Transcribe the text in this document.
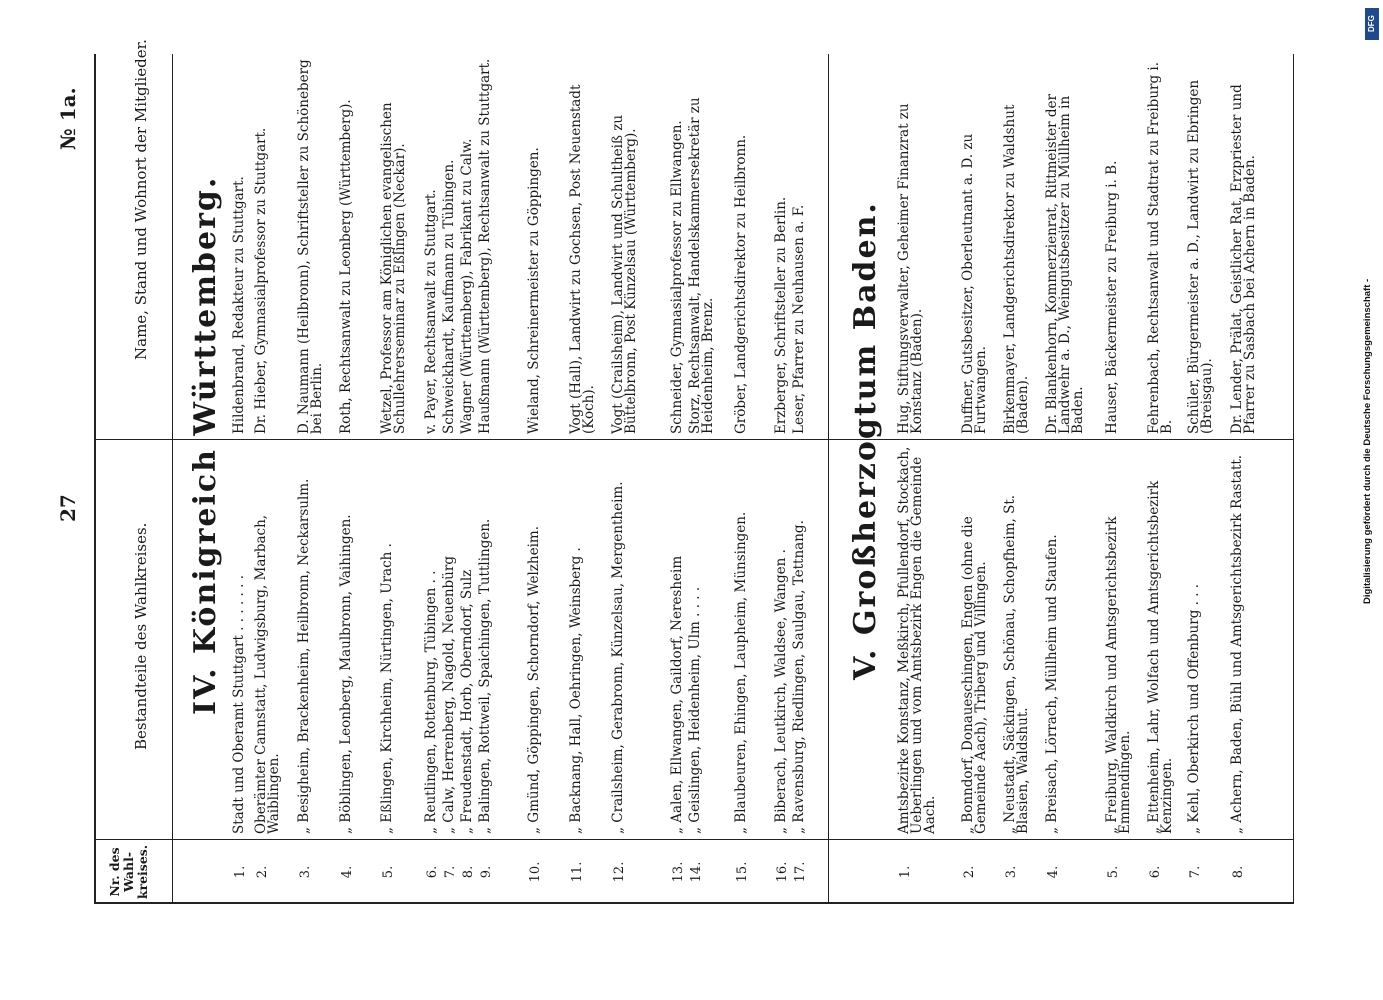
27
№ 1a.
Nr. des Wahl-kreises.
Bestandteile des Wahlkreises.
Name, Stand und Wohnort der Mitglieder. IV. Königreich Württemberg.
1.
Stadt und Oberamt Stuttgart . . . . . . .
Hildenbrand, Redakteur zu Stuttgart.
2.
Oberämter Cannstatt, Ludwigsburg, Marbach, Waiblingen.
Dr. Hieber, Gymnasialprofessor zu Stuttgart.
3.
„ Besigheim, Brackenheim, Heilbronn, Neckarsulm.
D. Naumann (Heilbronn), Schriftsteller zu Schöneberg bei Berlin.
4.
„ Böblingen, Leonberg, Maulbronn, Vaihingen.
Roth, Rechtsanwalt zu Leonberg (Württemberg).
5.
„ Eßlingen, Kirchheim, Nürtingen, Urach .
Wetzel, Professor am Königlichen evangelischen Schullehrerseminar zu Eßlingen (Neckar).
6.
„ Reutlingen, Rottenburg, Tübingen . .
v. Payer, Rechtsanwalt zu Stuttgart.
7.
„ Calw, Herrenberg, Nagold, Neuenbürg
Schweickhardt, Kaufmann zu Tübingen.
8.
„ Freudenstadt, Horb, Oberndorf, Sulz
Wagner (Württemberg), Fabrikant zu Calw.
9.
„ Balingen, Rottweil, Spaichingen, Tuttlingen.
Haußmann (Württemberg), Rechtsanwalt zu Stuttgart.
10.
„ Gmünd, Göppingen, Schorndorf, Welzheim.
Wieland, Schreinermeister zu Göppingen.
11.
„ Backnang, Hall, Oehringen, Weinsberg .
Vogt (Hall), Landwirt zu Gochsen, Post Neuenstadt (Koch).
12.
„ Crailsheim, Gerabronn, Künzelsau, Mergentheim.
Vogt (Crailsheim), Landwirt und Schultheiß zu Büttelbronn, Post Künzelsau (Württemberg).
13.
„ Aalen, Ellwangen, Gaildorf, Neresheim
Schneider, Gymnasialprofessor zu Ellwangen.
14.
„ Geislingen, Heidenheim, Ulm . . . .
Storz, Rechtsanwalt, Handelskammersekretär zu Heidenheim, Brenz.
15.
„ Blaubeuren, Ehingen, Laupheim, Münsingen.
Gröber, Landgerichtsdirektor zu Heilbronn.
16.
„ Biberach, Leutkirch, Waldsee, Wangen .
Erzberger, Schriftsteller zu Berlin.
17.
„ Ravensburg, Riedlingen, Saulgau, Tettnang.
Leser, Pfarrer zu Neuhausen a. F.	V. Großherzogtum Baden.
1.
Amtsbezirke Konstanz, Meßkirch, Pfullendorf, Stockach, Ueberlingen und vom Amtsbezirk Engen die Gemeinde Aach.
Hug, Stiftungsverwalter, Geheimer Finanzrat zu Konstanz (Baden).
2.
„ Bonndorf, Donaueschingen, Engen (ohne die Gemeinde Aach), Triberg und Villingen.
Duffner, Gutsbesitzer, Oberleutnant a. D. zu Furtwangen.
3.
„ Neustadt, Säckingen, Schönau, Schopfheim, St. Blasien, Waldshut.
Birkenmayer, Landgerichtsdirektor zu Waldshut (Baden).
4.
„ Breisach, Lörrach, Müllheim und Staufen.
Dr. Blankenhorn, Kommerzienrat, Rittmeister der Landwehr a. D., Weingutsbesitzer zu Müllheim in Baden.
5.
„ Freiburg, Waldkirch und Amtsgerichtsbezirk Emmendingen.
Hauser, Bäckermeister zu Freiburg i. B.
6.
„ Ettenheim, Lahr, Wolfach und Amtsgerichtsbezirk Kenzingen.
Fehrenbach, Rechtsanwalt und Stadtrat zu Freiburg i. B.
7.
„ Kehl, Oberkirch und Offenburg . . .
Schüler, Bürgermeister a. D., Landwirt zu Ebringen (Breisgau).
8.
„ Achern, Baden, Bühl und Amtsgerichtsbezirk Rastatt.
Dr. Lender, Prälat, Geistlicher Rat, Erzpriester und Pfarrer zu Sasbach bei Achern in Baden.
DFG
Digitalisierung gefördert durch die Deutsche Forschungsgemeinschaft -
